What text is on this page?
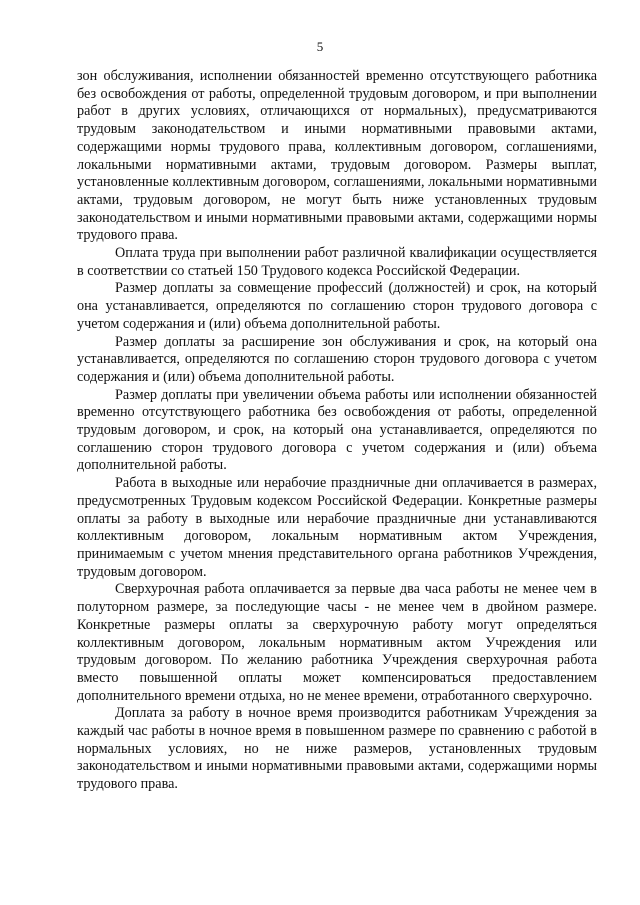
5

зон обслуживания, исполнении обязанностей временно отсутствующего работника без освобождения от работы, определенной трудовым договором, и при выполнении работ в других условиях, отличающихся от нормальных), предусматриваются трудовым законодательством и иными нормативными правовыми актами, содержащими нормы трудового права, коллективным договором, соглашениями, локальными нормативными актами, трудовым договором. Размеры выплат, установленные коллективным договором, соглашениями, локальными нормативными актами, трудовым договором, не могут быть ниже установленных трудовым законодательством и иными нормативными правовыми актами, содержащими нормы трудового права.

Оплата труда при выполнении работ различной квалификации осуществляется в соответствии со статьей 150 Трудового кодекса Российской Федерации.

Размер доплаты за совмещение профессий (должностей) и срок, на который она устанавливается, определяются по соглашению сторон трудового договора с учетом содержания и (или) объема дополнительной работы.

Размер доплаты за расширение зон обслуживания и срок, на который она устанавливается, определяются по соглашению сторон трудового договора с учетом содержания и (или) объема дополнительной работы.

Размер доплаты при увеличении объема работы или исполнении обязанностей временно отсутствующего работника без освобождения от работы, определенной трудовым договором, и срок, на который она устанавливается, определяются по соглашению сторон трудового договора с учетом содержания и (или) объема дополнительной работы.

Работа в выходные или нерабочие праздничные дни оплачивается в размерах, предусмотренных Трудовым кодексом Российской Федерации. Конкретные размеры оплаты за работу в выходные или нерабочие праздничные дни устанавливаются коллективным договором, локальным нормативным актом Учреждения, принимаемым с учетом мнения представительного органа работников Учреждения, трудовым договором.

Сверхурочная работа оплачивается за первые два часа работы не менее чем в полуторном размере, за последующие часы - не менее чем в двойном размере. Конкретные размеры оплаты за сверхурочную работу могут определяться коллективным договором, локальным нормативным актом Учреждения или трудовым договором. По желанию работника Учреждения сверхурочная работа вместо повышенной оплаты может компенсироваться предоставлением дополнительного времени отдыха, но не менее времени, отработанного сверхурочно.

Доплата за работу в ночное время производится работникам Учреждения за каждый час работы в ночное время в повышенном размере по сравнению с работой в нормальных условиях, но не ниже размеров, установленных трудовым законодательством и иными нормативными правовыми актами, содержащими нормы трудового права.
